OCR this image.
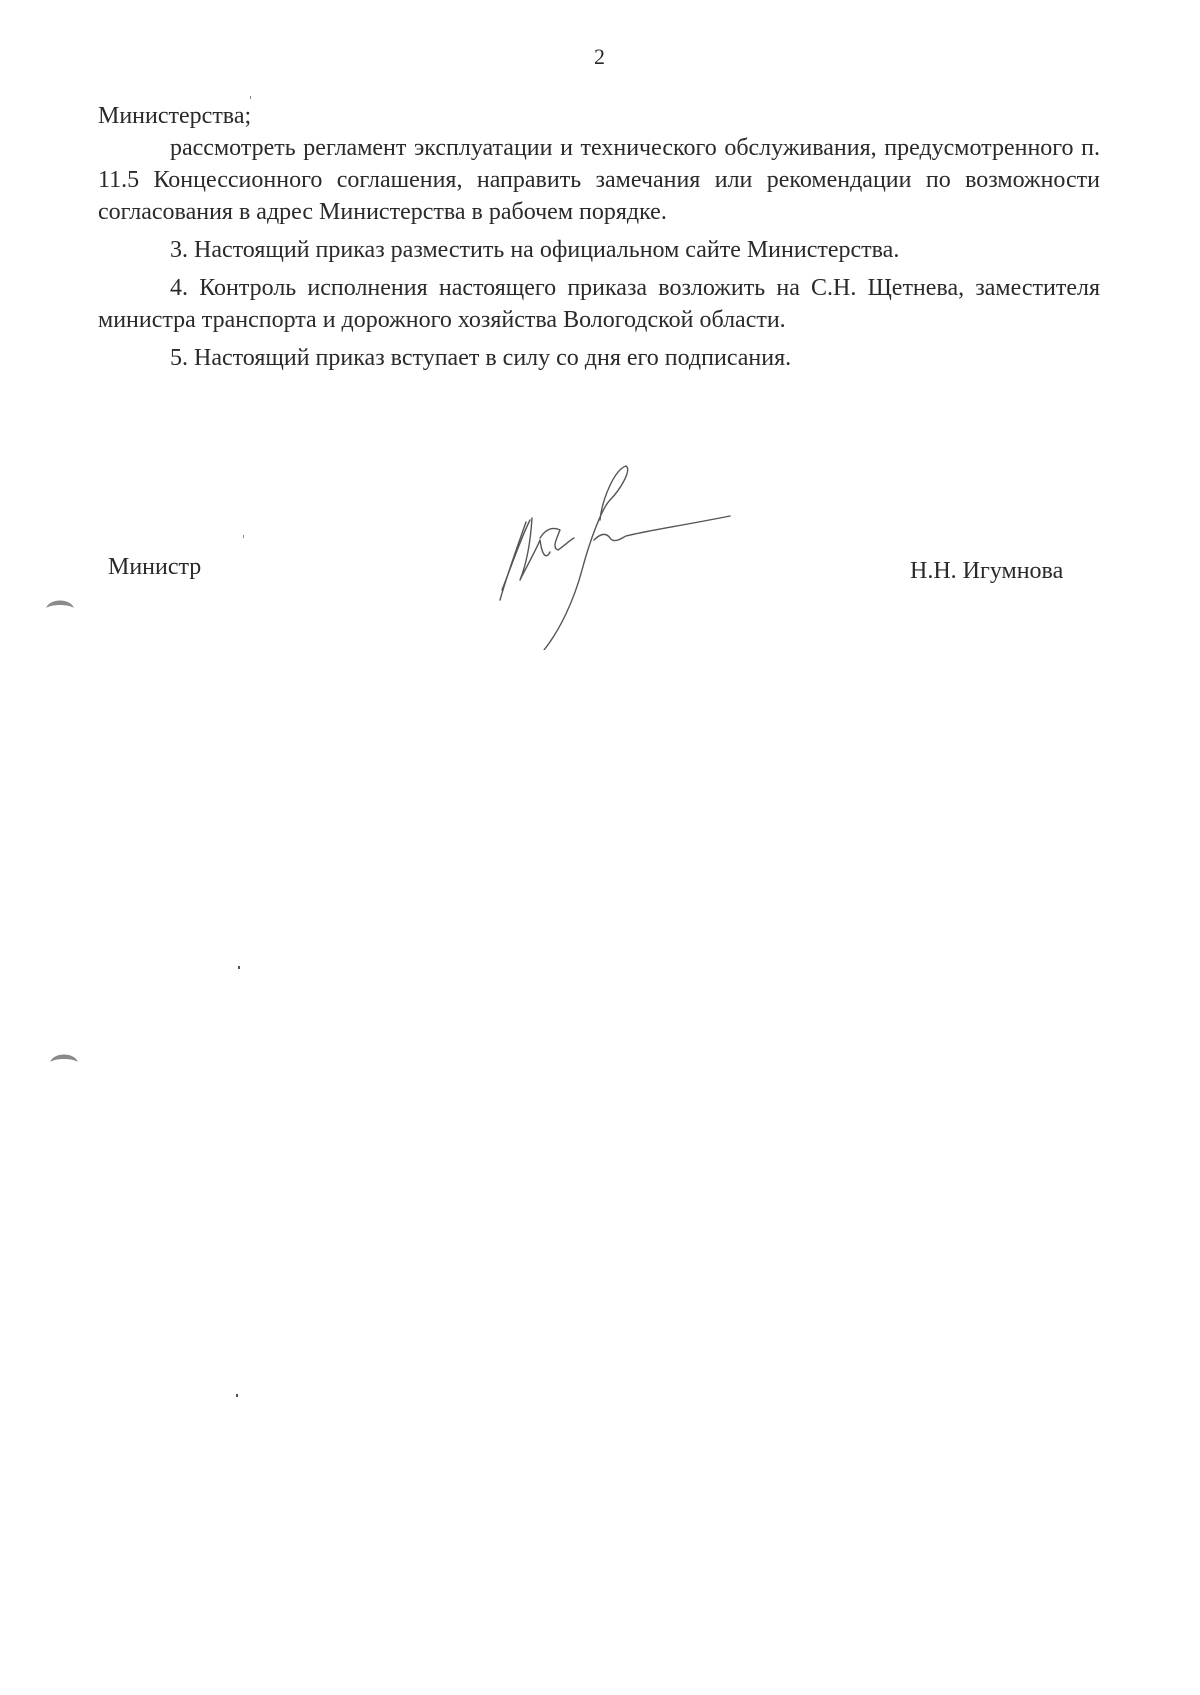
2

Министерства;

рассмотреть регламент эксплуатации и технического обслуживания, предусмотренного п. 11.5 Концессионного соглашения, направить замечания или рекомендации по возможности согласования в адрес Министерства в рабочем порядке.

3. Настоящий приказ разместить на официальном сайте Министерства.

4. Контроль исполнения настоящего приказа возложить на С.Н. Щетнева, заместителя министра транспорта и дорожного хозяйства Вологодской области.

5. Настоящий приказ вступает в силу со дня его подписания.

Министр	Н.Н. Игумнова
